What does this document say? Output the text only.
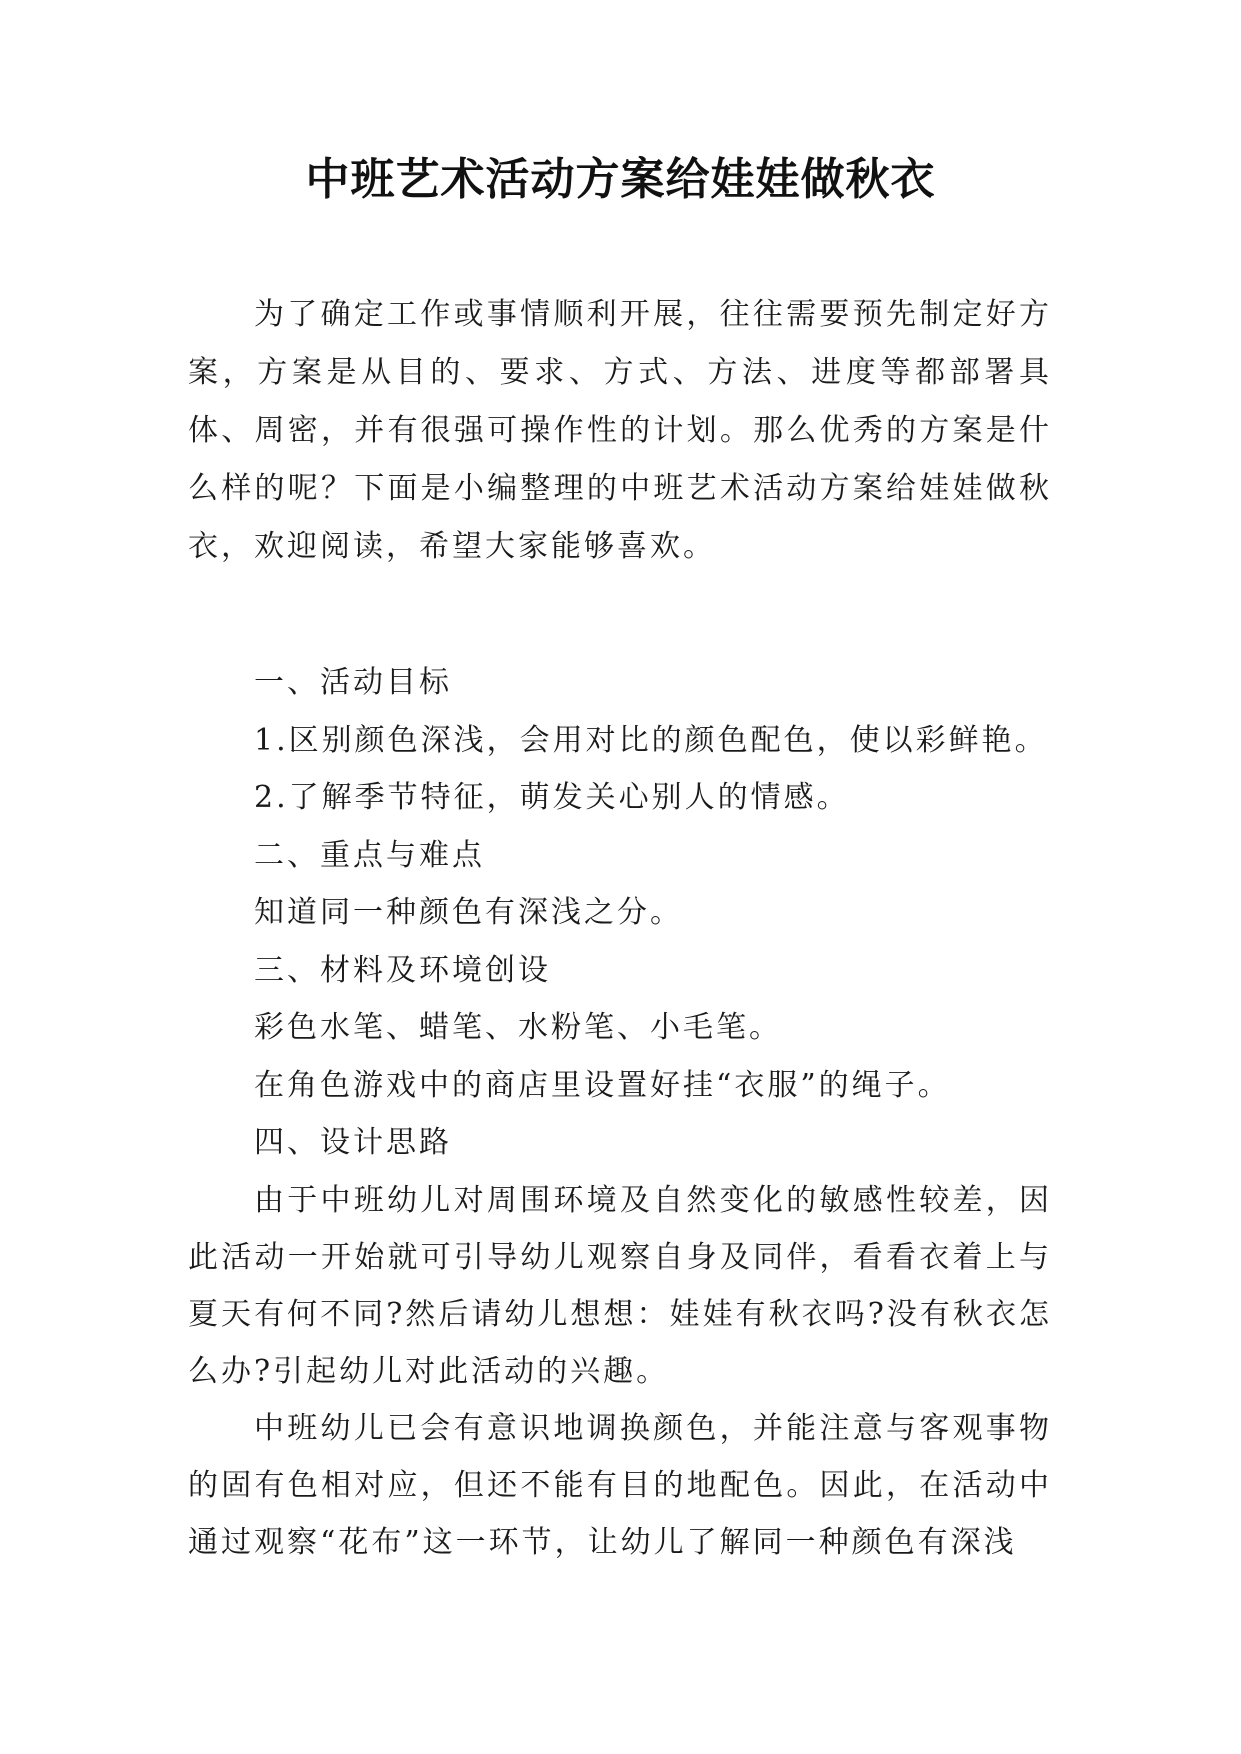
中班艺术活动方案给娃娃做秋衣

为了确定工作或事情顺利开展，往往需要预先制定好方案，方案是从目的、要求、方式、方法、进度等都部署具体、周密，并有很强可操作性的计划。那么优秀的方案是什么样的呢？下面是小编整理的中班艺术活动方案给娃娃做秋衣，欢迎阅读，希望大家能够喜欢。

一、活动目标

1.区别颜色深浅，会用对比的颜色配色，使以彩鲜艳。

2.了解季节特征，萌发关心别人的情感。

二、重点与难点

知道同一种颜色有深浅之分。

三、材料及环境创设

彩色水笔、蜡笔、水粉笔、小毛笔。

在角色游戏中的商店里设置好挂“衣服”的绳子。

四、设计思路

由于中班幼儿对周围环境及自然变化的敏感性较差，因此活动一开始就可引导幼儿观察自身及同伴，看看衣着上与夏天有何不同?然后请幼儿想想：娃娃有秋衣吗?没有秋衣怎么办?引起幼儿对此活动的兴趣。

中班幼儿已会有意识地调换颜色，并能注意与客观事物的固有色相对应，但还不能有目的地配色。因此，在活动中通过观察“花布”这一环节，让幼儿了解同一种颜色有深浅
